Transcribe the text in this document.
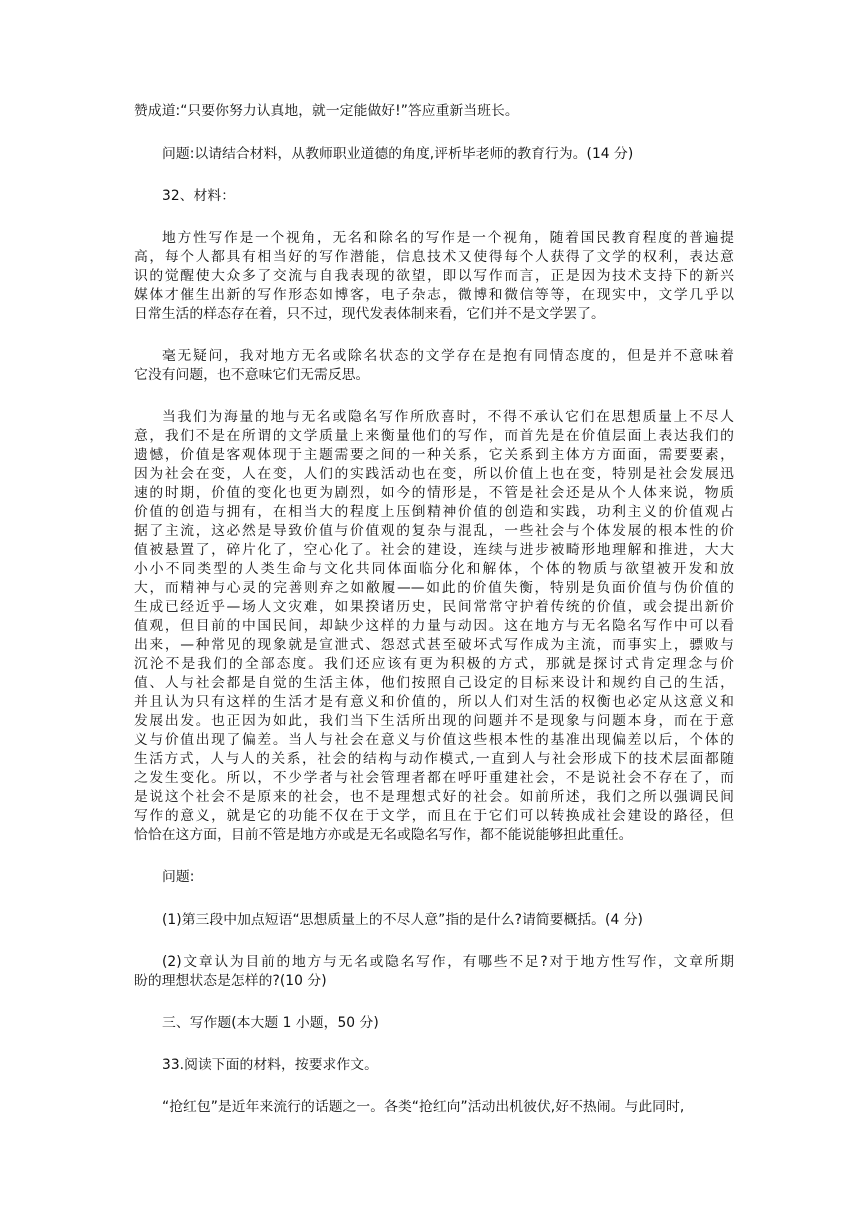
赞成道:“只要你努力认真地，就一定能做好!”答应重新当班长。
问题:以请结合材料，从教师职业道德的角度,评析毕老师的教育行为。(14 分)
32、材料：
地方性写作是一个视角，无名和除名的写作是一个视角，随着国民教育程度的普遍提
高，每个人都具有相当好的写作潜能，信息技术又使得每个人获得了文学的权利，表达意
识的觉醒使大众多了交流与自我表现的欲望，即以写作而言，正是因为技术支持下的新兴
媒体才催生出新的写作形态如博客，电子杂志，微博和微信等等，在现实中，文学几乎以
日常生活的样态存在着，只不过，现代发表体制来看，它们并不是文学罢了。
毫无疑问，我对地方无名或除名状态的文学存在是抱有同情态度的，但是并不意味着
它没有问题，也不意味它们无需反思。
当我们为海量的地与无名或隐名写作所欣喜时，不得不承认它们在思想质量上不尽人
意，我们不是在所谓的文学质量上来衡量他们的写作，而首先是在价值层面上表达我们的
遗憾，价值是客观体现于主题需要之间的一种关系，它关系到主体方方面面，需要要素，
因为社会在变，人在变，人们的实践活动也在变，所以价值上也在变，特别是社会发展迅
速的时期，价值的变化也更为剧烈，如今的情形是，不管是社会还是从个人体来说，物质
价值的创造与拥有，在相当大的程度上压倒精神价值的创造和实践，功利主义的价值观占
据了主流，这必然是导致价值与价值观的复杂与混乱，一些社会与个体发展的根本性的价
值被悬置了，碎片化了，空心化了。社会的建设，连续与进步被畸形地理解和推进，大大
小小不同类型的人类生命与文化共同体面临分化和解体，个体的物质与欲望被开发和放
大，而精神与心灵的完善则弃之如敝履——如此的价值失衡，特别是负面价值与伪价值的
生成已经近乎—场人文灾难，如果揆诸历史，民间常常守护着传统的价值，或会提出新价
值观，但目前的中国民间，却缺少这样的力量与动因。这在地方与无名隐名写作中可以看
出来，—种常见的现象就是宣泄式、怨怼式甚至破坏式写作成为主流，而事实上，骠败与
沉沦不是我们的全部态度。我们还应该有更为积极的方式，那就是探讨式肯定理念与价
值、人与社会都是自觉的生活主体，他们按照自己设定的目标来设计和规约自己的生活，
并且认为只有这样的生活才是有意义和价值的，所以人们对生活的权衡也必定从这意义和
发展出发。也正因为如此，我们当下生活所出现的问题并不是现象与问题本身，而在于意
义与价值出现了偏差。当人与社会在意义与价值这些根本性的基准出现偏差以后，个体的
生活方式，人与人的关系，社会的结构与动作模式,一直到人与社会形成下的技术层面都随
之发生变化。所以，不少学者与社会管理者都在呼吁重建社会，不是说社会不存在了，而
是说这个社会不是原来的社会，也不是理想式好的社会。如前所述，我们之所以强调民间
写作的意义，就是它的功能不仅在于文学，而且在于它们可以转换成社会建设的路径，但
恰恰在这方面，目前不管是地方亦或是无名或隐名写作，都不能说能够担此重任。
问题:
(1)第三段中加点短语“思想质量上的不尽人意”指的是什么?请简要概括。(4 分)
(2)文章认为目前的地方与无名或隐名写作，有哪些不足?对于地方性写作，文章所期
盼的理想状态是怎样的?(10 分)
三、写作题(本大题 1 小题，50 分)
33.阅读下面的材料，按要求作文。
“抢红包”是近年来流行的话题之一。各类“抢红向”活动出机彼伏,好不热闹。与此同时,
